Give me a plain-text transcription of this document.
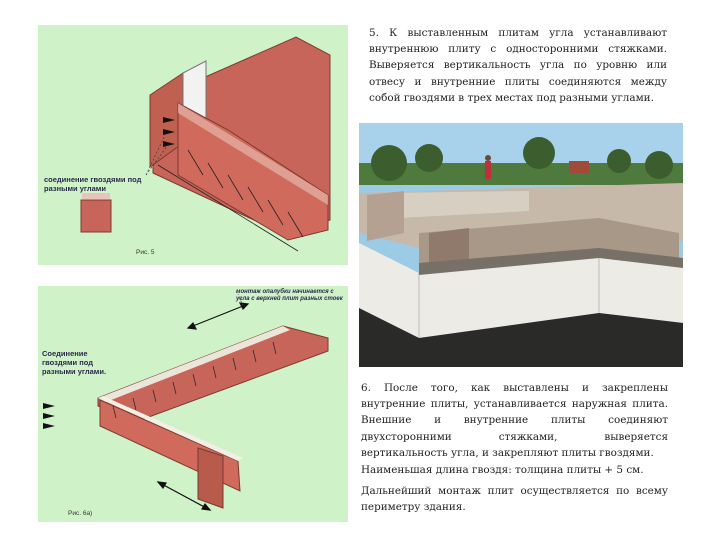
соединение гвоздями под разными углами
Рис. 5
монтаж опалубки начинается с угла с верхней плит разных стоек
Соединение гвоздями под разными углами.
Рис. 6а)

5. К выставленным плитам угла устанавливают внутреннюю плиту с односторонними стяжками. Выверяется вертикальность угла по уровню или отвесу и внутренние плиты соединяются между собой гвоздями в трех местах под разными углами.

6. После того, как выставлены и закреплены внутренние плиты, устанавливается наружная плита. Внешние и внутренние плиты соединяют двухсторонними стяжками, выверяется вертикальность угла, и закрепляют плиты гвоздями.

Наименьшая длина гвоздя: толщина плиты + 5 см.

Дальнейший монтаж плит осуществляется по всему периметру здания.
